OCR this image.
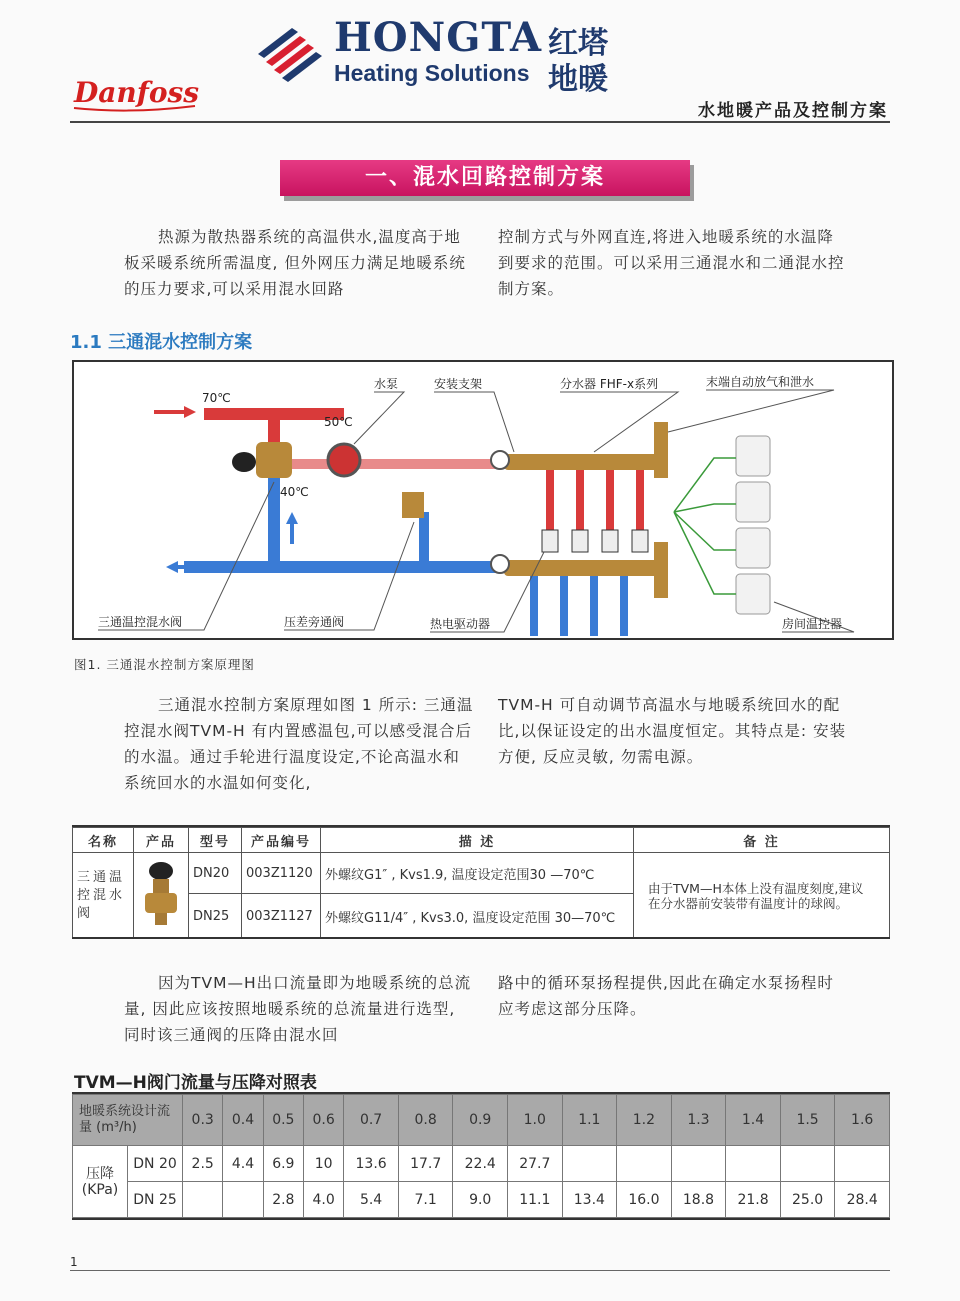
Danfoss
HONGTA
Heating Solutions
红塔
地暖
水地暖产品及控制方案
一、混水回路控制方案
热源为散热器系统的高温供水,温度高于地板采暖系统所需温度, 但外网压力满足地暖系统的压力要求,可以采用混水回路
控制方式与外网直连,将进入地暖系统的水温降到要求的范围。可以采用三通混水和二通混水控制方案。
1.1 三通混水控制方案
70℃
50℃
40℃
水泵	安装支架	分水器 FHF-x系列	末端自动放气和泄水
三通温控混水阀	压差旁通阀	热电驱动器	房间温控器
图1. 三通混水控制方案原理图
三通混水控制方案原理如图 1 所示: 三通温控混水阀TVM-H 有内置感温包,可以感受混合后的水温。通过手轮进行温度设定,不论高温水和系统回水的水温如何变化,
TVM-H 可自动调节高温水与地暖系统回水的配比,以保证设定的出水温度恒定。其特点是: 安装方便, 反应灵敏, 勿需电源。
名称	产品	型号	产品编号	描 述	备 注
三通温控混水阀		DN20	003Z1120	外螺纹G1″ , Kvs1.9, 温度设定范围30 —70℃	由于TVM—H本体上没有温度刻度,建议在分水器前安装带有温度计的球阀。
		DN25	003Z1127	外螺纹G11/4″ , Kvs3.0, 温度设定范围 30—70℃	
因为TVM—H出口流量即为地暖系统的总流量, 因此应该按照地暖系统的总流量进行选型, 同时该三通阀的压降由混水回
路中的循环泵扬程提供,因此在确定水泵扬程时应考虑这部分压降。
TVM—H阀门流量与压降对照表
地暖系统设计流量 (m³/h)		0.3	0.4	0.5	0.6	0.7	0.8	0.9	1.0	1.1	1.2	1.3	1.4	1.5	1.6
压降 (KPa)	DN 20	2.5	4.4	6.9	10	13.6	17.7	22.4	27.7						
	DN 25			2.8	4.0	5.4	7.1	9.0	11.1	13.4	16.0	18.8	21.8	25.0	28.4
1
